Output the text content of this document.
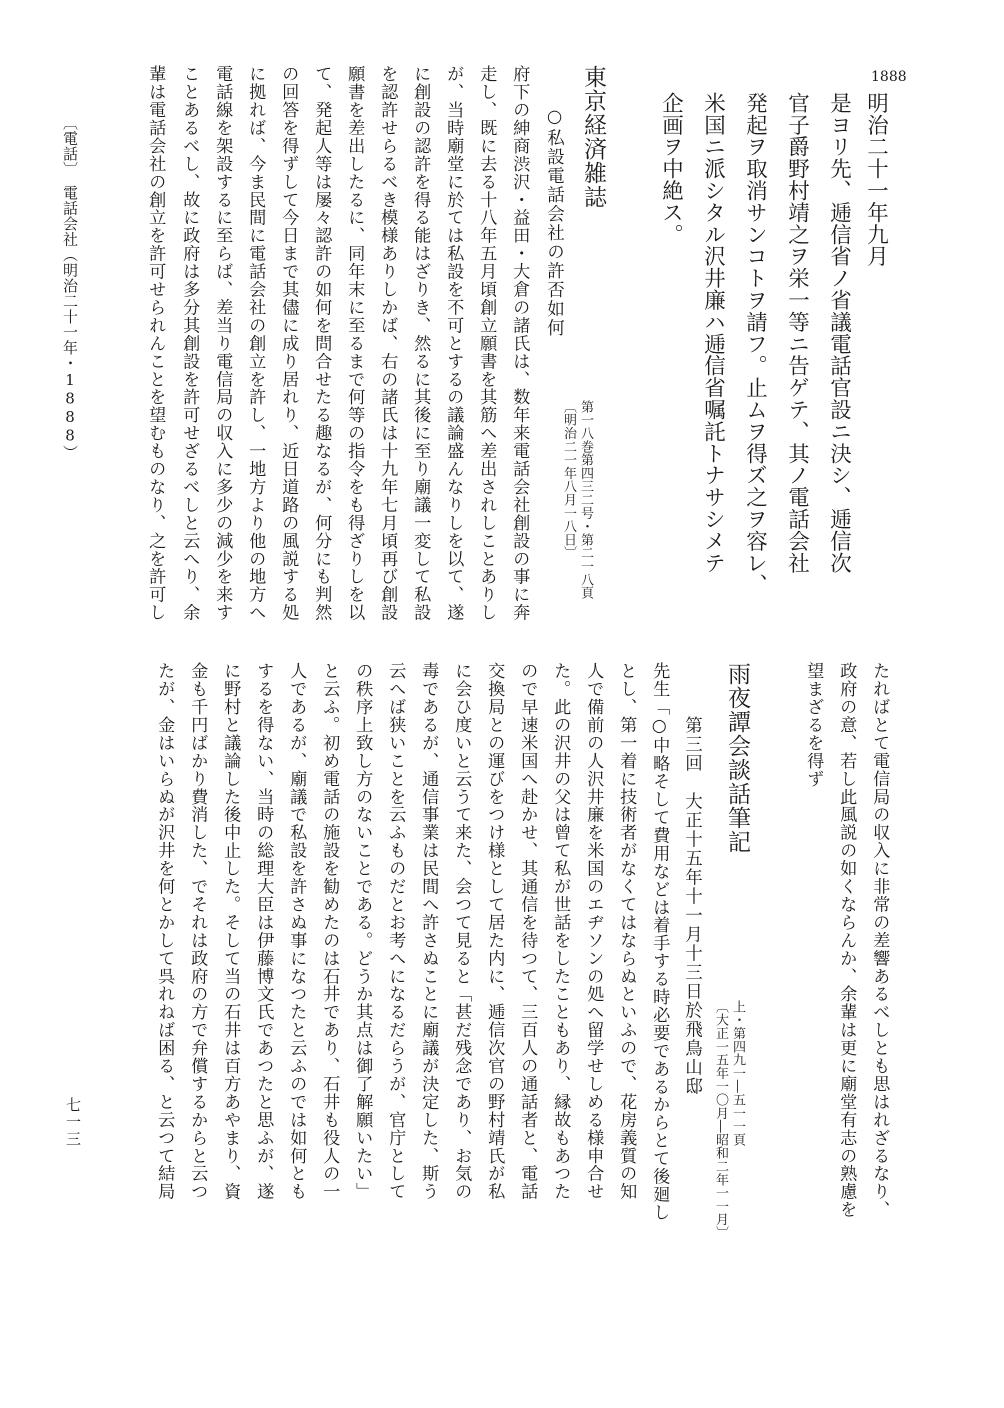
1888
明治二十一年九月
是ヨリ先、逓信省ノ省議電話官設ニ決シ、逓信次
官子爵野村靖之ヲ栄一等ニ告ゲテ、其ノ電話会社
発起ヲ取消サンコトヲ請フ。止ムヲ得ズ之ヲ容レ、
米国ニ派シタル沢井廉ハ逓信省嘱託トナサシメテ
企画ヲ中絶ス。
東京経済雑誌
第一八巻第四三二号・第二一八頁
〔明治二一年八月一八日〕
○私設電話会社の許否如何
府下の紳商渋沢・益田・大倉の諸氏は、数年来電話会社創設の事に奔
走し、既に去る十八年五月頃創立願書を其筋へ差出されしことありし
が、当時廟堂に於ては私設を不可とするの議論盛んなりしを以て、遂
に創設の認許を得る能はざりき、然るに其後に至り廟議一変して私設
を認許せらるべき模様ありしかば、右の諸氏は十九年七月頃再び創設
願書を差出したるに、同年末に至るまで何等の指令をも得ざりしを以
て、発起人等は屡々認許の如何を問合せたる趣なるが、何分にも判然
の回答を得ずして今日まで其儘に成り居れり、近日道路の風説する処
に拠れば、今ま民間に電話会社の創立を許し、一地方より他の地方へ
電話線を架設するに至らば、差当り電信局の収入に多少の減少を来す
ことあるべし、故に政府は多分其創設を許可せざるべしと云へり、余
輩は電話会社の創立を許可せられんことを望むものなり、之を許可し
〔電話〕　電話会社（明治二十一年・1888）
たればとて電信局の収入に非常の差響あるべしとも思はれざるなり、
政府の意、若し此風説の如くならんか、余輩は更に廟堂有志の熟慮を
望まざるを得ず
雨夜譚会談話筆記
上・第四九一―五一一頁
〔大正一五年一〇月―昭和二年一一月〕
第三回　大正十五年十一月十三日於飛鳥山邸
先生「○中略そして費用などは着手する時必要であるからとて後廻し
とし、第一着に技術者がなくてはならぬといふので、花房義質の知
人で備前の人沢井廉を米国のエヂソンの処へ留学せしめる様申合せ
た。此の沢井の父は曾て私が世話をしたこともあり、縁故もあつた
ので早速米国へ赴かせ、其通信を待つて、三百人の通話者と、電話
交換局との運びをつけ様として居た内に、逓信次官の野村靖氏が私
に会ひ度いと云うて来た、会つて見ると「甚だ残念であり、お気の
毒であるが、通信事業は民間へ許さぬことに廟議が決定した、斯う
云へば狭いことを云ふものだとお考へになるだらうが、官庁として
の秩序上致し方のないことである。どうか其点は御了解願いたい」
と云ふ。初め電話の施設を勧めたのは石井であり、石井も役人の一
人であるが、廟議で私設を許さぬ事になつたと云ふのでは如何とも
するを得ない、当時の総理大臣は伊藤博文氏であつたと思ふが、遂
に野村と議論した後中止した。そして当の石井は百方あやまり、資
金も千円ばかり費消した、でそれは政府の方で弁償するからと云つ
たが、金はいらぬが沢井を何とかして呉れねば困る、と云つて結局
七一三
